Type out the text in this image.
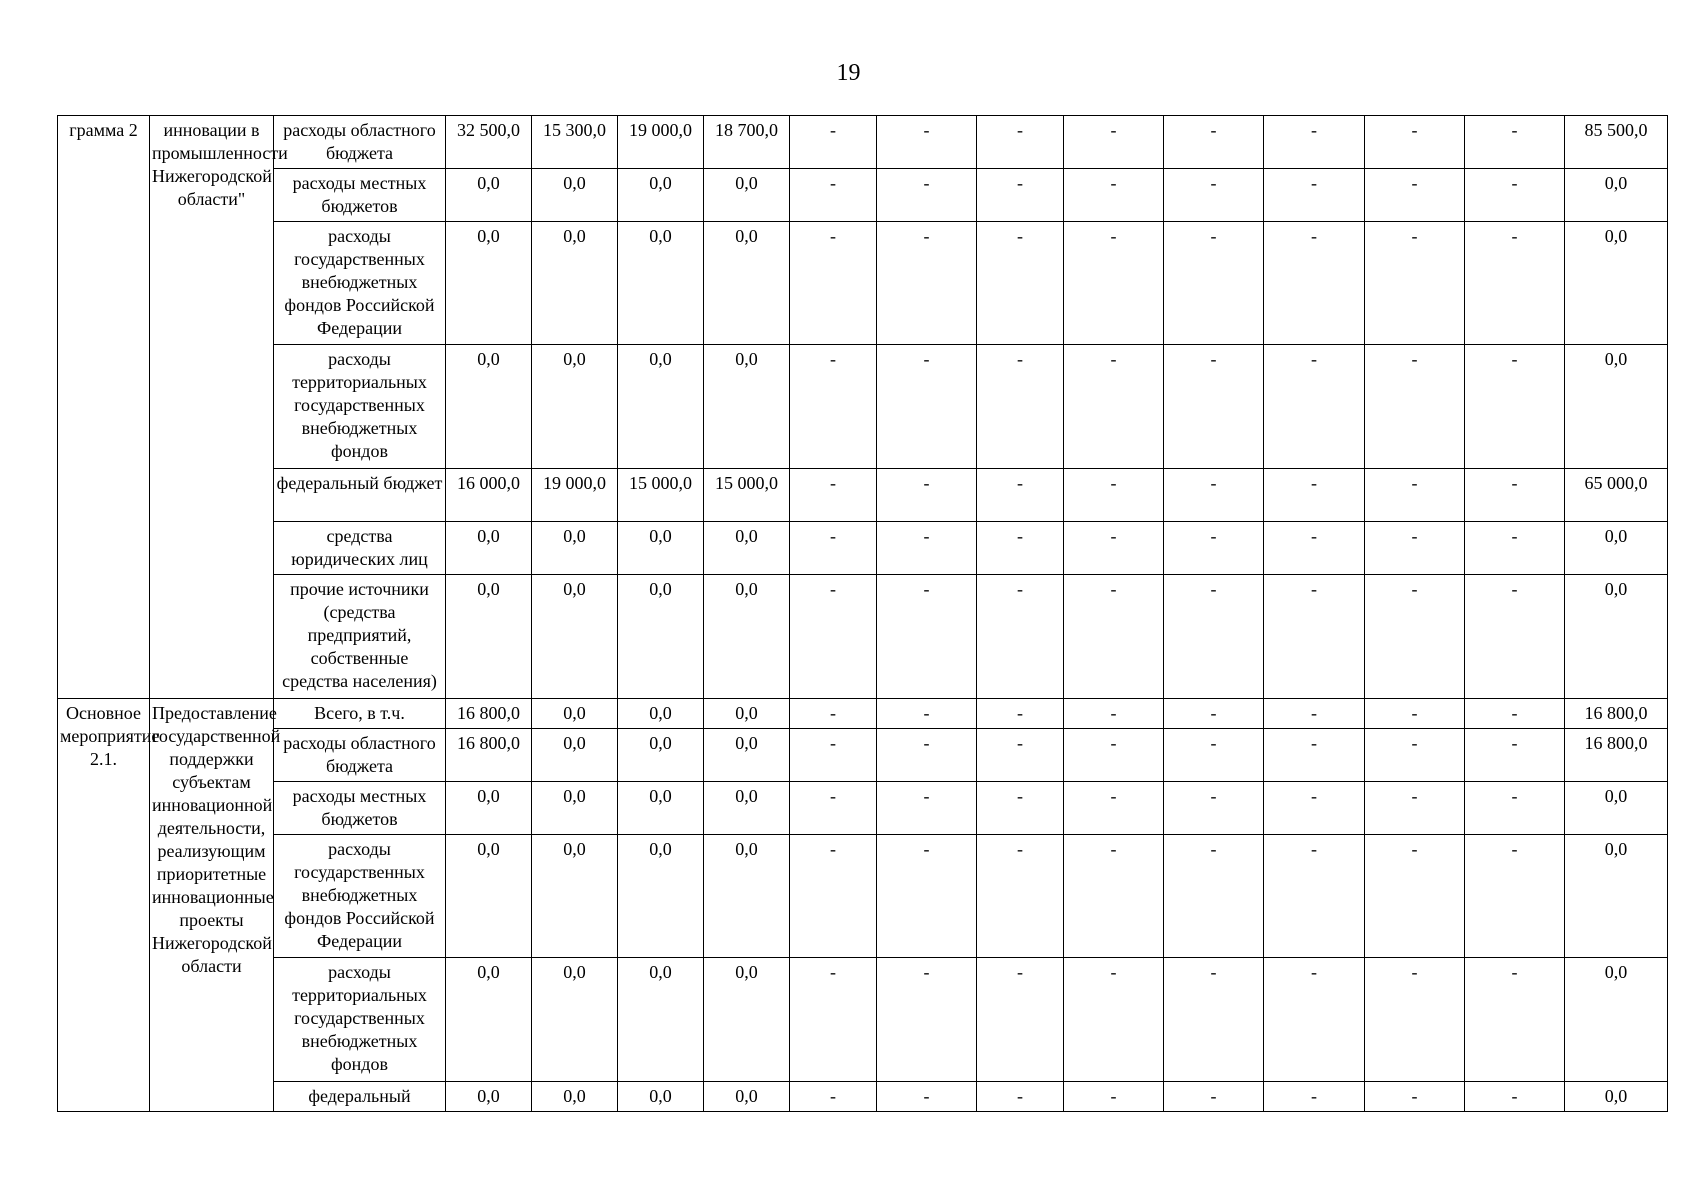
19
грамма 2	инновации в промышленности Нижегородской области"	расходы областного бюджета	32 500,0	15 300,0	19 000,0	18 700,0	-	-	-	-	-	-	-	-	85 500,0
		расходы местных бюджетов	0,0	0,0	0,0	0,0	-	-	-	-	-	-	-	-	0,0
		расходы государственных внебюджетных фондов Российской Федерации	0,0	0,0	0,0	0,0	-	-	-	-	-	-	-	-	0,0
		расходы территориальных государственных внебюджетных фондов	0,0	0,0	0,0	0,0	-	-	-	-	-	-	-	-	0,0
		федеральный бюджет	16 000,0	19 000,0	15 000,0	15 000,0	-	-	-	-	-	-	-	-	65 000,0
		средства юридических лиц	0,0	0,0	0,0	0,0	-	-	-	-	-	-	-	-	0,0
		прочие источники (средства предприятий, собственные средства населения)	0,0	0,0	0,0	0,0	-	-	-	-	-	-	-	-	0,0
Основное мероприятие 2.1.	Предоставление государственной поддержки субъектам инновационной деятельности, реализующим приоритетные инновационные проекты Нижегородской области	Всего, в т.ч.	16 800,0	0,0	0,0	0,0	-	-	-	-	-	-	-	-	16 800,0
		расходы областного бюджета	16 800,0	0,0	0,0	0,0	-	-	-	-	-	-	-	-	16 800,0
		расходы местных бюджетов	0,0	0,0	0,0	0,0	-	-	-	-	-	-	-	-	0,0
		расходы государственных внебюджетных фондов Российской Федерации	0,0	0,0	0,0	0,0	-	-	-	-	-	-	-	-	0,0
		расходы территориальных государственных внебюджетных фондов	0,0	0,0	0,0	0,0	-	-	-	-	-	-	-	-	0,0
		федеральный	0,0	0,0	0,0	0,0	-	-	-	-	-	-	-	-	0,0
